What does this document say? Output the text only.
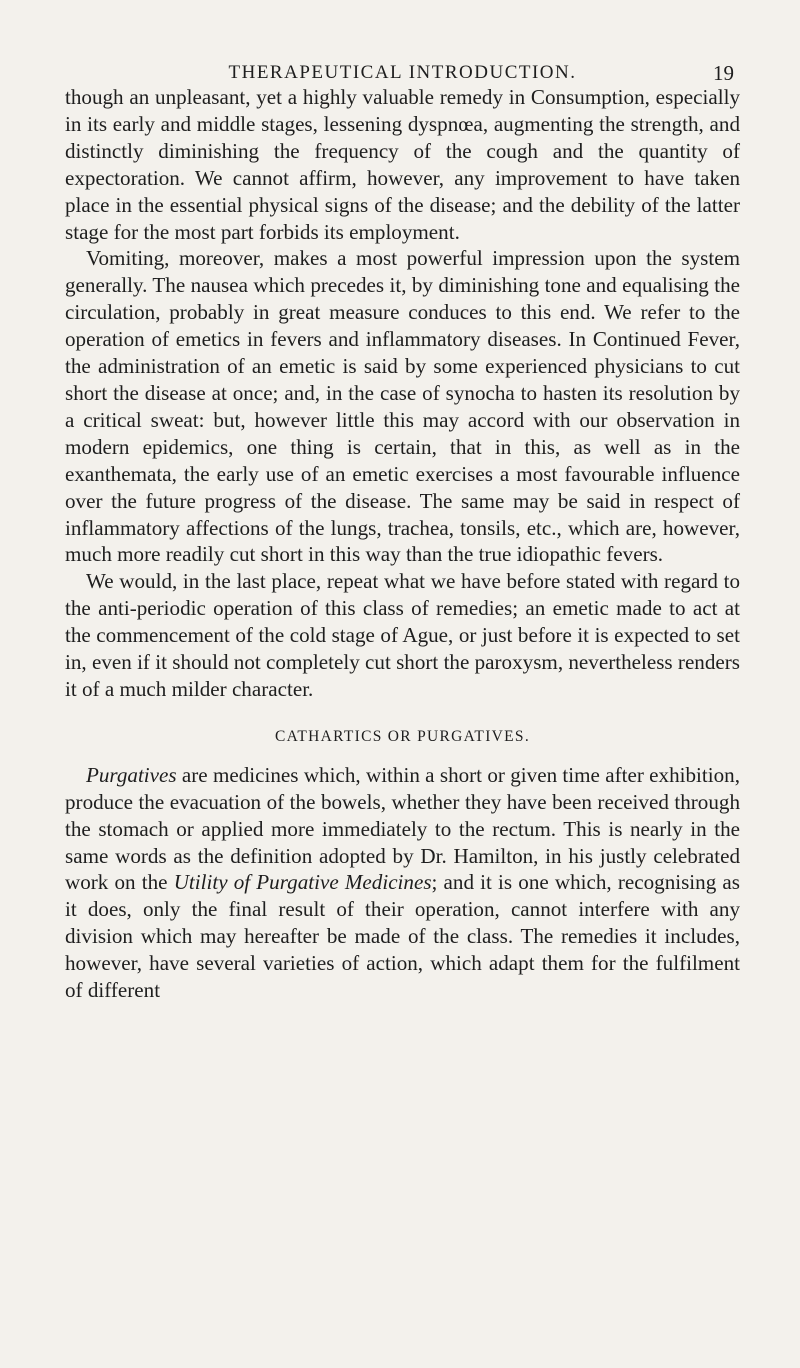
THERAPEUTICAL INTRODUCTION.	19

though an unpleasant, yet a highly valuable remedy in Consumption, especially in its early and middle stages, lessening dyspnœa, augmenting the strength, and distinctly diminishing the frequency of the cough and the quantity of expectoration. We cannot affirm, however, any improvement to have taken place in the essential physical signs of the disease; and the debility of the latter stage for the most part forbids its employment.

Vomiting, moreover, makes a most powerful impression upon the system generally. The nausea which precedes it, by diminishing tone and equalising the circulation, probably in great measure conduces to this end. We refer to the operation of emetics in fevers and inflammatory diseases. In Continued Fever, the administration of an emetic is said by some experienced physicians to cut short the disease at once; and, in the case of synocha to hasten its resolution by a critical sweat: but, however little this may accord with our observation in modern epidemics, one thing is certain, that in this, as well as in the exanthemata, the early use of an emetic exercises a most favourable influence over the future progress of the disease. The same may be said in respect of inflammatory affections of the lungs, trachea, tonsils, etc., which are, however, much more readily cut short in this way than the true idiopathic fevers.

We would, in the last place, repeat what we have before stated with regard to the anti-periodic operation of this class of remedies; an emetic made to act at the commencement of the cold stage of Ague, or just before it is expected to set in, even if it should not completely cut short the paroxysm, nevertheless renders it of a much milder character.

CATHARTICS OR PURGATIVES.

Purgatives are medicines which, within a short or given time after exhibition, produce the evacuation of the bowels, whether they have been received through the stomach or applied more immediately to the rectum. This is nearly in the same words as the definition adopted by Dr. Hamilton, in his justly celebrated work on the Utility of Purgative Medicines; and it is one which, recognising as it does, only the final result of their operation, cannot interfere with any division which may hereafter be made of the class. The remedies it includes, however, have several varieties of action, which adapt them for the fulfilment of different
